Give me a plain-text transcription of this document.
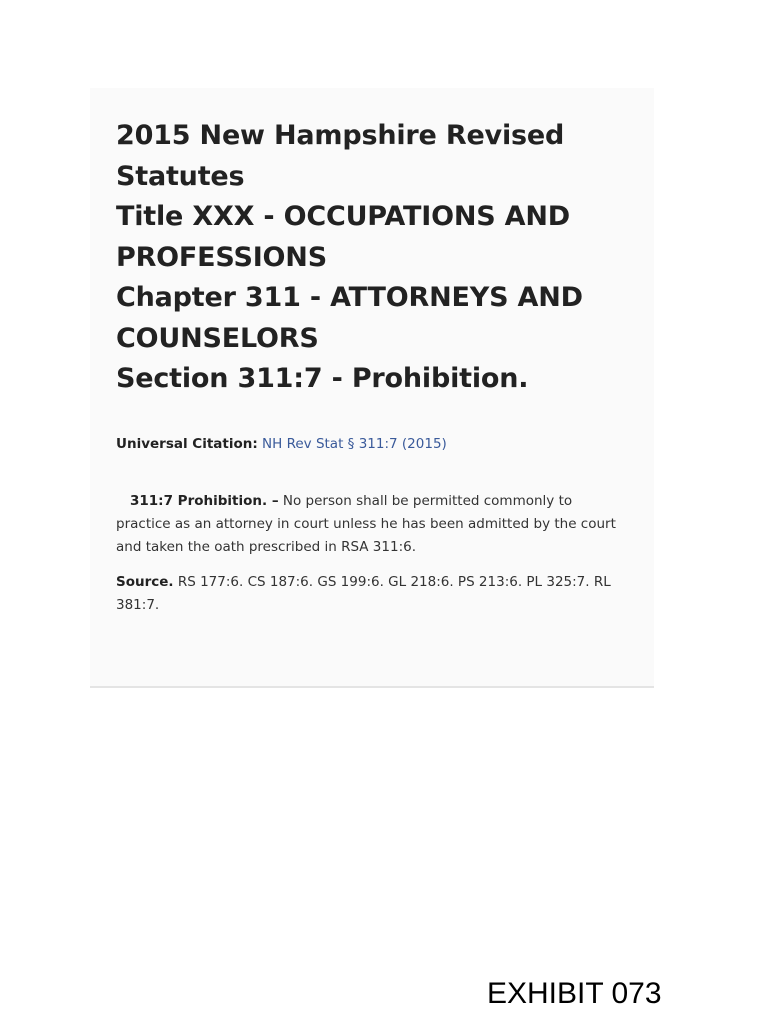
2015 New Hampshire Revised
Statutes
Title XXX - OCCUPATIONS AND
PROFESSIONS
Chapter 311 - ATTORNEYS AND
COUNSELORS
Section 311:7 - Prohibition.
Universal Citation: NH Rev Stat § 311:7 (2015)
311:7 Prohibition. – No person shall be permitted commonly to
practice as an attorney in court unless he has been admitted by the court
and taken the oath prescribed in RSA 311:6.
Source. RS 177:6. CS 187:6. GS 199:6. GL 218:6. PS 213:6. PL 325:7. RL
381:7.
EXHIBIT 073
